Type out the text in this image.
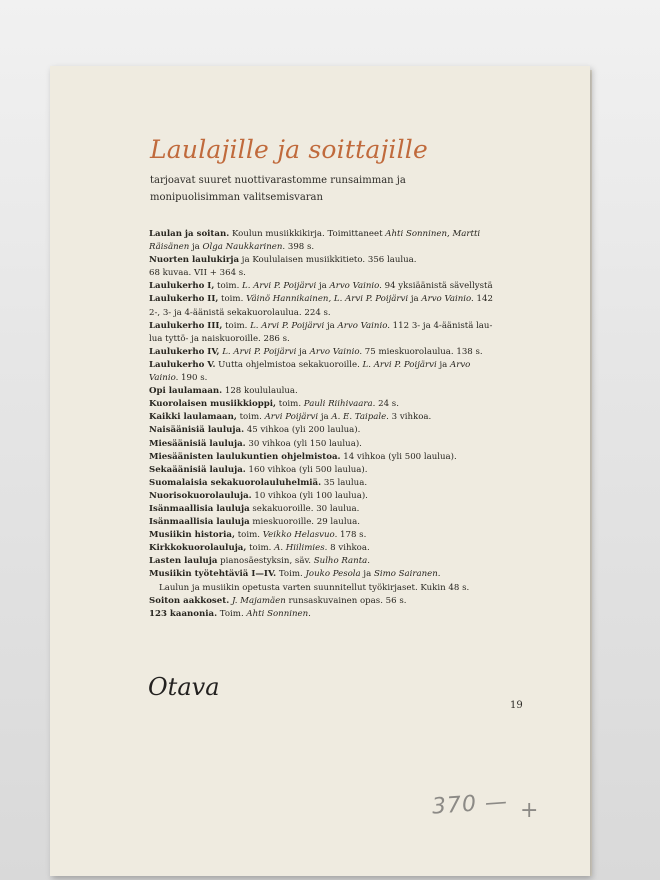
Laulajille ja soittajille
tarjoavat suuret nuottivarastomme runsaimman ja
monipuolisimman valitsemisvaran
Laulan ja soitan. Koulun musiikkikirja. Toimittaneet Ahti Sonninen, Martti
Räisänen ja Olga Naukkarinen. 398 s.
Nuorten laulukirja ja Koululaisen musiikkitieto. 356 laulua.
68 kuvaa. VII + 364 s.
Laulukerho I, toim. L. Arvi P. Poijärvi ja Arvo Vainio. 94 yksiäänistä sävellystä
Laulukerho II, toim. Väinö Hannikainen, L. Arvi P. Poijärvi ja Arvo Vainio. 142
2-, 3- ja 4-äänistä sekakuorolaulua. 224 s.
Laulukerho III, toim. L. Arvi P. Poijärvi ja Arvo Vainio. 112 3- ja 4-äänistä lau-
lua tyttö- ja naiskuoroille. 286 s.
Laulukerho IV, L. Arvi P. Poijärvi ja Arvo Vainio. 75 mieskuorolaulua. 138 s.
Laulukerho V. Uutta ohjelmistoa sekakuoroille. L. Arvi P. Poijärvi ja Arvo
Vainio. 190 s.
Opi laulamaan. 128 koululaulua.
Kuorolaisen musiikkioppi, toim. Pauli Riihivaara. 24 s.
Kaikki laulamaan, toim. Arvi Poijärvi ja A. E. Taipale. 3 vihkoa.
Naisäänisiä lauluja. 45 vihkoa (yli 200 laulua).
Miesäänisiä lauluja. 30 vihkoa (yli 150 laulua).
Miesäänisten laulukuntien ohjelmistoa. 14 vihkoa (yli 500 laulua).
Sekaäänisiä lauluja. 160 vihkoa (yli 500 laulua).
Suomalaisia sekakuorolauluhelmiä. 35 laulua.
Nuorisokuorolauluja. 10 vihkoa (yli 100 laulua).
Isänmaallisia lauluja sekakuoroille. 30 laulua.
Isänmaallisia lauluja mieskuoroille. 29 laulua.
Musiikin historia, toim. Veikko Helasvuo. 178 s.
Kirkkokuorolauluja, toim. A. Hiilimies. 8 vihkoa.
Lasten lauluja pianosäestyksin, säv. Sulho Ranta.
Musiikin työtehtäviä I—IV. Toim. Jouko Pesola ja Simo Sairanen.
Laulun ja musiikin opetusta varten suunnitellut työkirjaset. Kukin 48 s.
Soiton aakkoset. J. Majamäen runsaskuvainen opas. 56 s.
123 kaanonia. Toim. Ahti Sonninen.
Otava
19
370 — +
